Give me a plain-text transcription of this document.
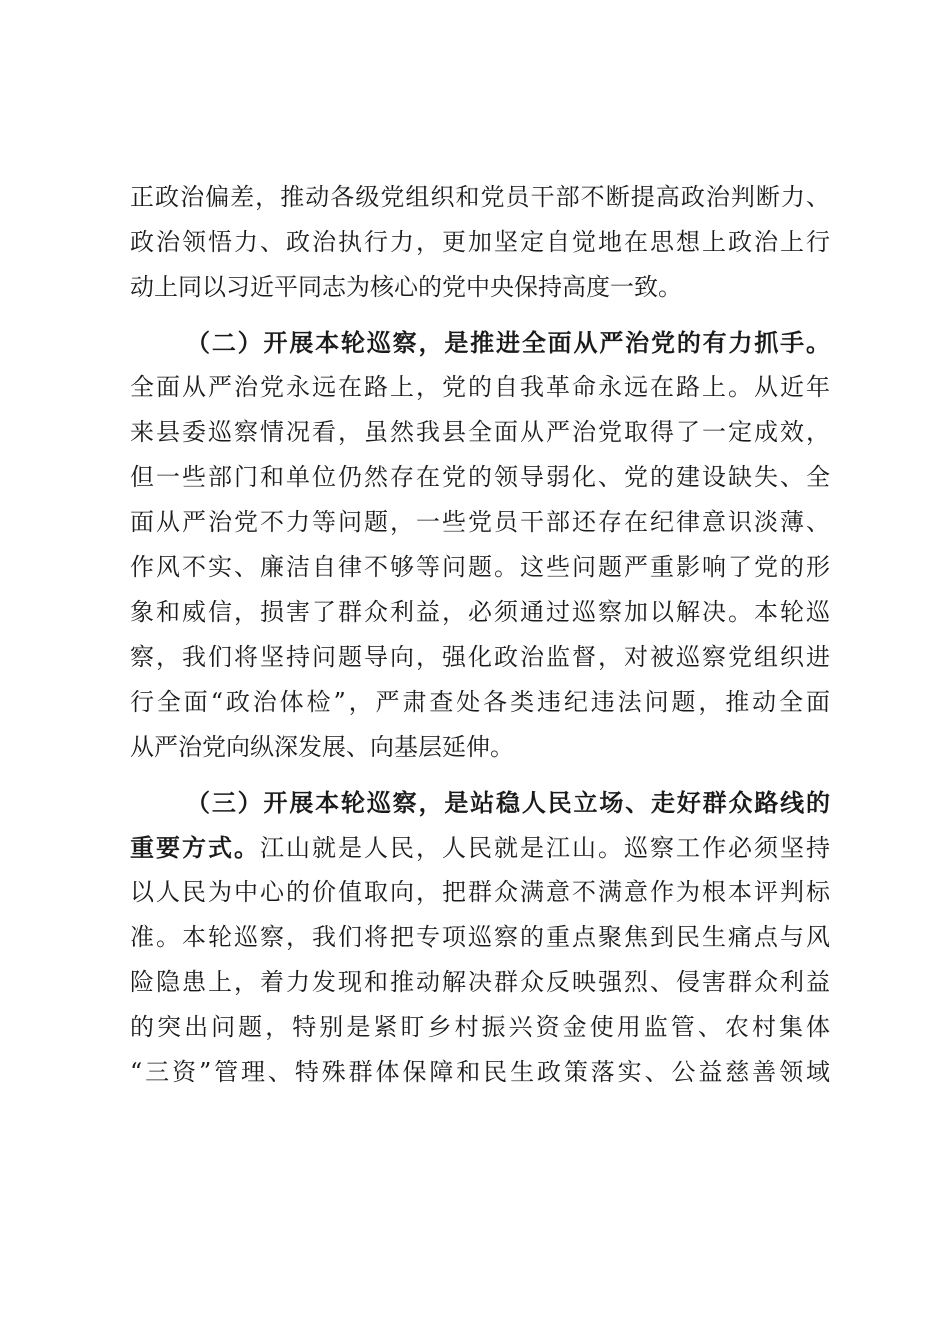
正政治偏差，推动各级党组织和党员干部不断提高政治判断力、
政治领悟力、政治执行力，更加坚定自觉地在思想上政治上行
动上同以习近平同志为核心的党中央保持高度一致。
（二）开展本轮巡察，是推进全面从严治党的有力抓手。
全面从严治党永远在路上，党的自我革命永远在路上。从近年
来县委巡察情况看，虽然我县全面从严治党取得了一定成效，
但一些部门和单位仍然存在党的领导弱化、党的建设缺失、全
面从严治党不力等问题，一些党员干部还存在纪律意识淡薄、
作风不实、廉洁自律不够等问题。这些问题严重影响了党的形
象和威信，损害了群众利益，必须通过巡察加以解决。本轮巡
察，我们将坚持问题导向，强化政治监督，对被巡察党组织进
行全面“政治体检”，严肃查处各类违纪违法问题，推动全面
从严治党向纵深发展、向基层延伸。
（三）开展本轮巡察，是站稳人民立场、走好群众路线的
重要方式。江山就是人民，人民就是江山。巡察工作必须坚持
以人民为中心的价值取向，把群众满意不满意作为根本评判标
准。本轮巡察，我们将把专项巡察的重点聚焦到民生痛点与风
险隐患上，着力发现和推动解决群众反映强烈、侵害群众利益
的突出问题，特别是紧盯乡村振兴资金使用监管、农村集体
“三资”管理、特殊群体保障和民生政策落实、公益慈善领域
